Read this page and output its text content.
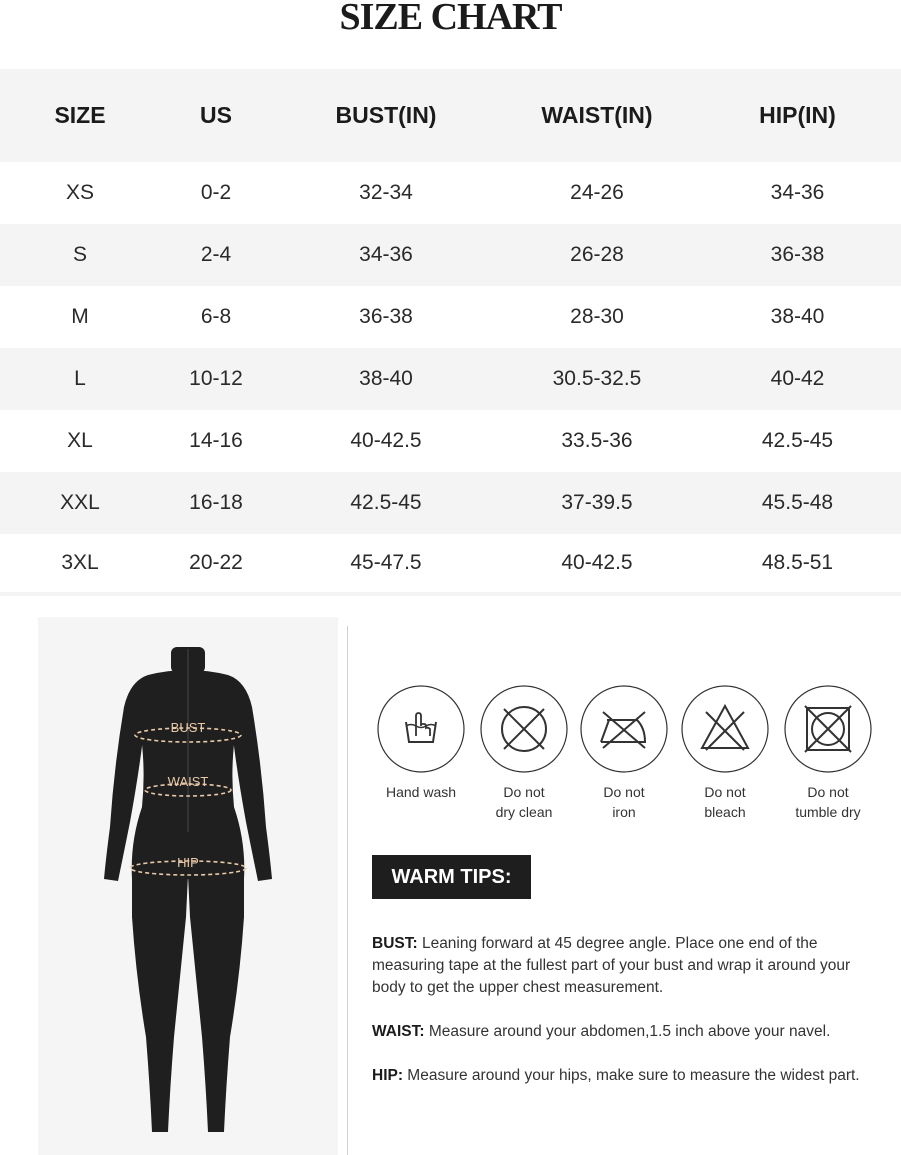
SIZE CHART
SIZE	US	BUST(IN)	WAIST(IN)	HIP(IN)
XS	0-2	32-34	24-26	34-36
S	2-4	34-36	26-28	36-38
M	6-8	36-38	28-30	38-40
L	10-12	38-40	30.5-32.5	40-42
XL	14-16	40-42.5	33.5-36	42.5-45
XXL	16-18	42.5-45	37-39.5	45.5-48
3XL	20-22	45-47.5	40-42.5	48.5-51
BUST
WAIST
HIP
Hand wash	Do not
dry clean
Do not
iron
Do not
bleach
Do not
tumble dry
WARM TIPS:

BUST: Leaning forward at 45 degree angle. Place one end of the measuring tape at the fullest part of your bust and wrap it around your body to get the upper chest measurement.

WAIST: Measure around your abdomen,1.5 inch above your navel.

HIP: Measure around your hips, make sure to measure the widest part.
